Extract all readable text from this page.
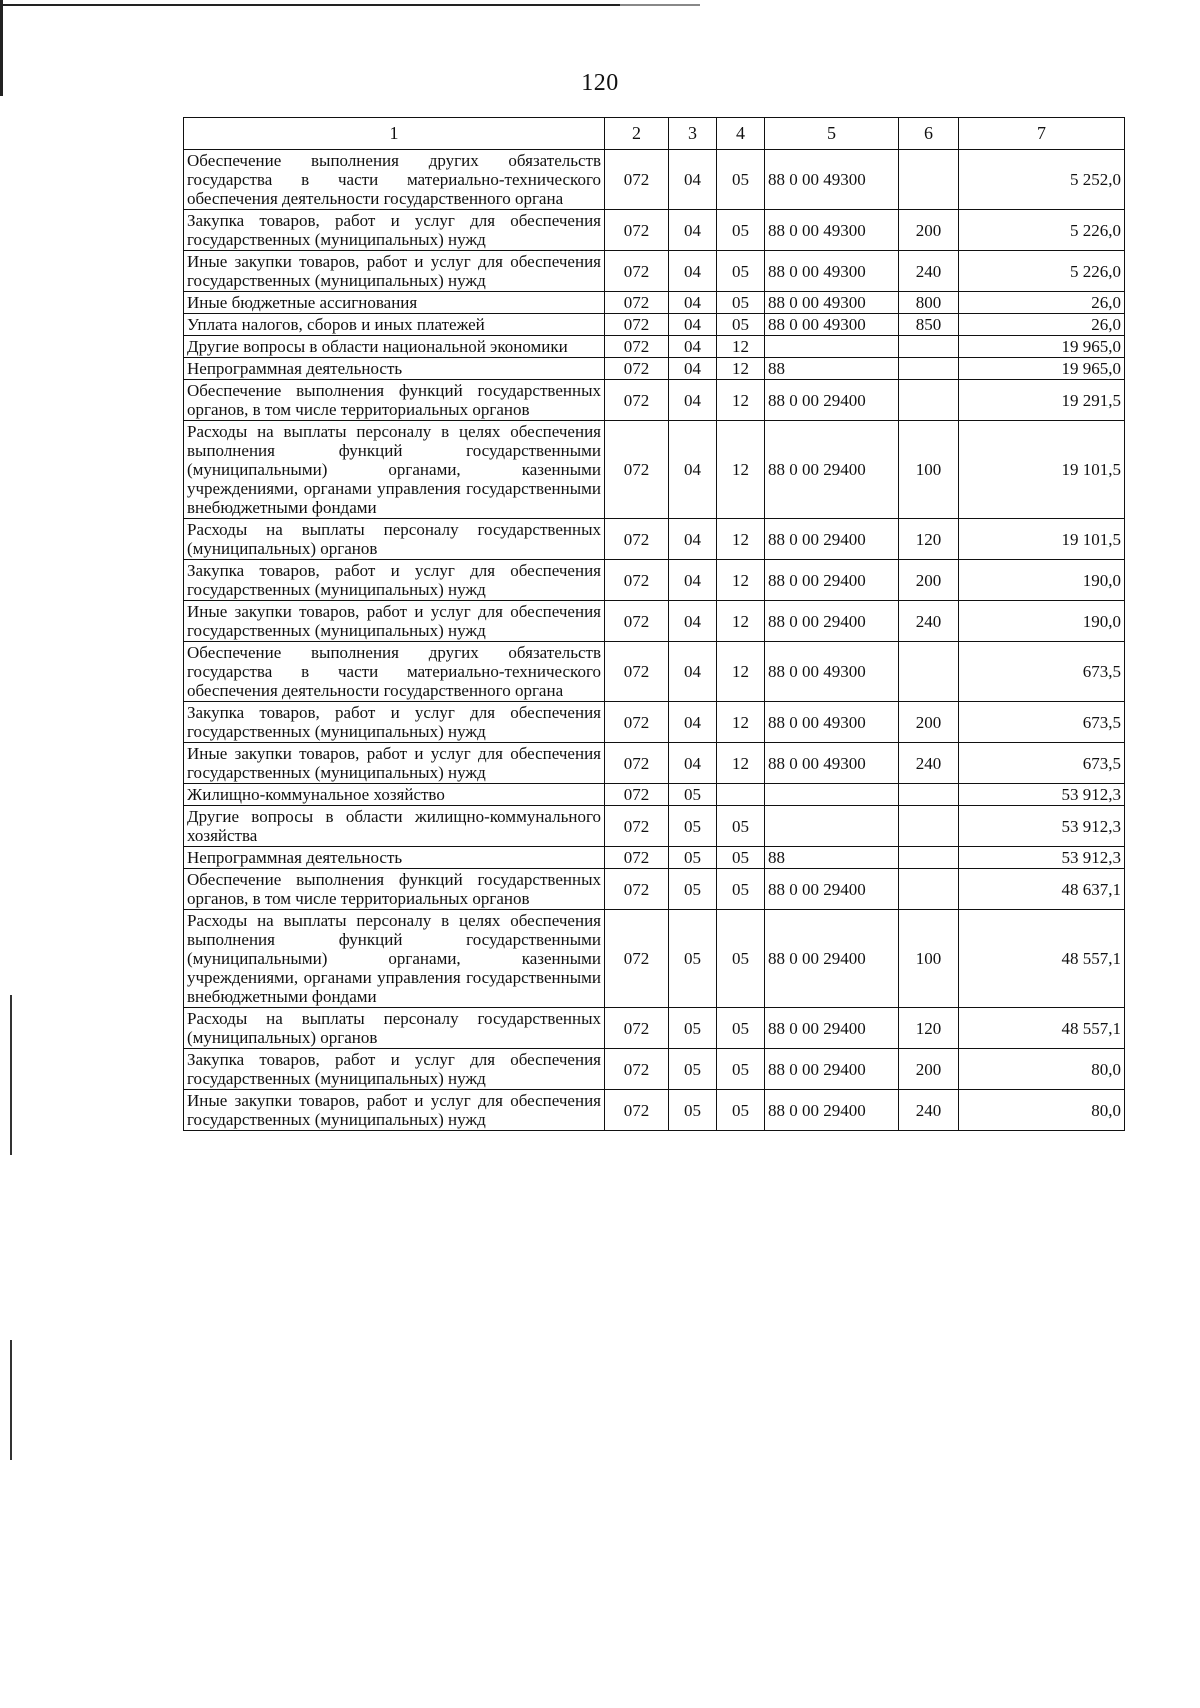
120
1	2	3	4	5	6	7
Обеспечение выполнения других обязательств государства в части материально-технического обеспечения деятельности государственного органа	072	04	05	88 0 00 49300		5 252,0
Закупка товаров, работ и услуг для обеспечения государственных (муниципальных) нужд	072	04	05	88 0 00 49300	200	5 226,0
Иные закупки товаров, работ и услуг для обеспечения государственных (муниципальных) нужд	072	04	05	88 0 00 49300	240	5 226,0
Иные бюджетные ассигнования	072	04	05	88 0 00 49300	800	26,0
Уплата налогов, сборов и иных платежей	072	04	05	88 0 00 49300	850	26,0
Другие вопросы в области национальной экономики	072	04	12			19 965,0
Непрограммная деятельность	072	04	12	88		19 965,0
Обеспечение выполнения функций государственных органов, в том числе территориальных органов	072	04	12	88 0 00 29400		19 291,5
Расходы на выплаты персоналу в целях обеспечения выполнения функций государственными (муниципальными) органами, казенными учреждениями, органами управления государственными внебюджетными фондами	072	04	12	88 0 00 29400	100	19 101,5
Расходы на выплаты персоналу государственных (муниципальных) органов	072	04	12	88 0 00 29400	120	19 101,5
Закупка товаров, работ и услуг для обеспечения государственных (муниципальных) нужд	072	04	12	88 0 00 29400	200	190,0
Иные закупки товаров, работ и услуг для обеспечения государственных (муниципальных) нужд	072	04	12	88 0 00 29400	240	190,0
Обеспечение выполнения других обязательств государства в части материально-технического обеспечения деятельности государственного органа	072	04	12	88 0 00 49300		673,5
Закупка товаров, работ и услуг для обеспечения государственных (муниципальных) нужд	072	04	12	88 0 00 49300	200	673,5
Иные закупки товаров, работ и услуг для обеспечения государственных (муниципальных) нужд	072	04	12	88 0 00 49300	240	673,5
Жилищно-коммунальное хозяйство	072	05				53 912,3
Другие вопросы в области жилищно-коммунального хозяйства	072	05	05			53 912,3
Непрограммная деятельность	072	05	05	88		53 912,3
Обеспечение выполнения функций государственных органов, в том числе территориальных органов	072	05	05	88 0 00 29400		48 637,1
Расходы на выплаты персоналу в целях обеспечения выполнения функций государственными (муниципальными) органами, казенными учреждениями, органами управления государственными внебюджетными фондами	072	05	05	88 0 00 29400	100	48 557,1
Расходы на выплаты персоналу государственных (муниципальных) органов	072	05	05	88 0 00 29400	120	48 557,1
Закупка товаров, работ и услуг для обеспечения государственных (муниципальных) нужд	072	05	05	88 0 00 29400	200	80,0
Иные закупки товаров, работ и услуг для обеспечения государственных (муниципальных) нужд	072	05	05	88 0 00 29400	240	80,0
